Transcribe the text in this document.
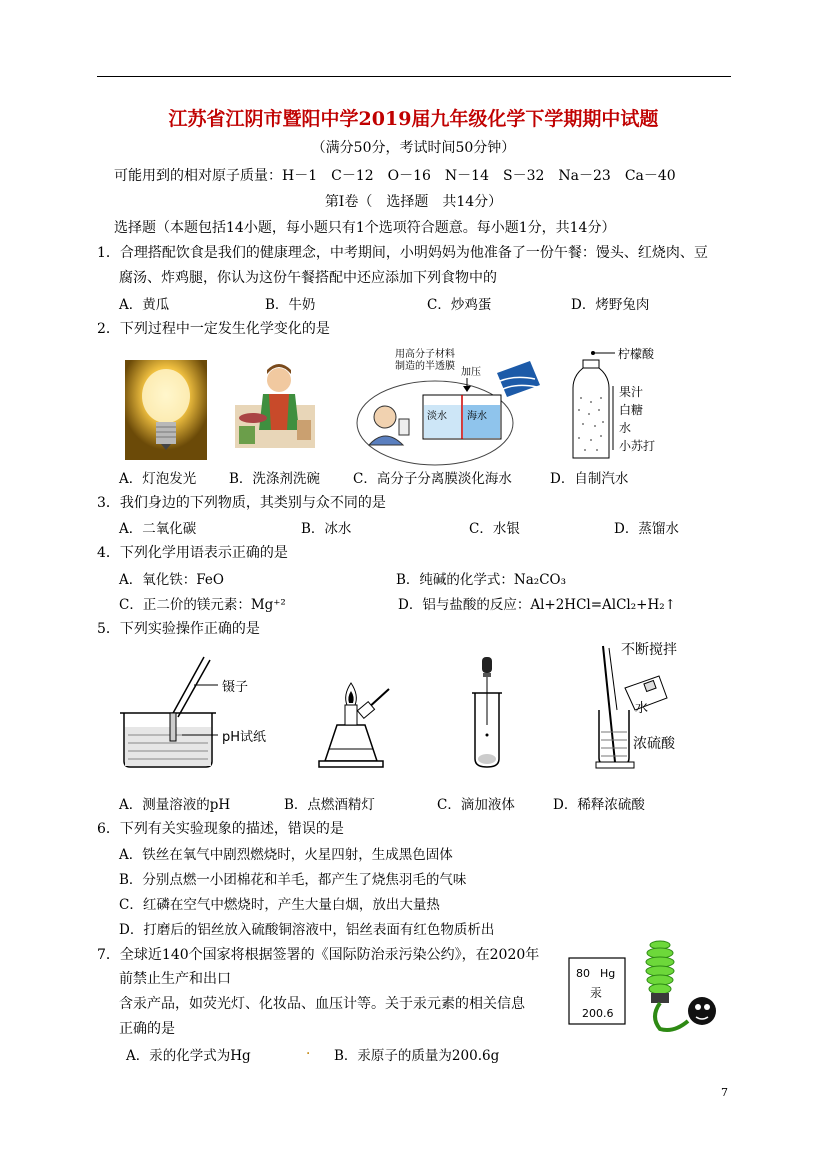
江苏省江阴市暨阳中学2019届九年级化学下学期期中试题
（满分50分，考试时间50分钟）
可能用到的相对原子质量：H－1　C－12　O－16　N－14　S－32　Na－23　Ca－40
第Ⅰ卷（　选择题　共14分）
选择题（本题包括14小题，每小题只有1个选项符合题意。每小题1分，共14分）
1．合理搭配饮食是我们的健康理念，中考期间，小明妈妈为他准备了一份午餐：馒头、红烧肉、豆
腐汤、炸鸡腿，你认为这份午餐搭配中还应添加下列食物中的
A．黄瓜	B．牛奶	C．炒鸡蛋	D．烤野兔肉
2．下列过程中一定发生化学变化的是
用高分子材料
制造的半透膜
加压
淡水 海水
柠檬酸
果汁
白糖
水
小苏打
A．灯泡发光 B．洗涤剂洗碗 C．高分子分离膜淡化海水	D．自制汽水
3．我们身边的下列物质，其类别与众不同的是
A．二氧化碳	B．冰水	C．水银	D．蒸馏水
4．下列化学用语表示正确的是
A．氧化铁：FeO	B．纯碱的化学式：Na₂CO₃
C．正二价的镁元素：Mg⁺²	D．铝与盐酸的反应：Al+2HCl=AlCl₂+H₂↑
5．下列实验操作正确的是
镊子
pH试纸
不断搅拌
水
浓硫酸
A．测量溶液的pH	B．点燃酒精灯	C．滴加液体	D．稀释浓硫酸
6．下列有关实验现象的描述，错误的是
A．铁丝在氧气中剧烈燃烧时，火星四射，生成黑色固体
B．分别点燃一小团棉花和羊毛，都产生了烧焦羽毛的气味
C．红磷在空气中燃烧时，产生大量白烟，放出大量热
D．打磨后的铝丝放入硫酸铜溶液中，铝丝表面有红色物质析出
7．全球近140个国家将根据签署的《国际防治汞污染公约》，在2020年
前禁止生产和出口
含汞产品，如荧光灯、化妆品、血压计等。关于汞元素的相关信息
正确的是
A．汞的化学式为Hg	. B．汞原子的质量为200.6g
80 Hg
汞
200.6
7
